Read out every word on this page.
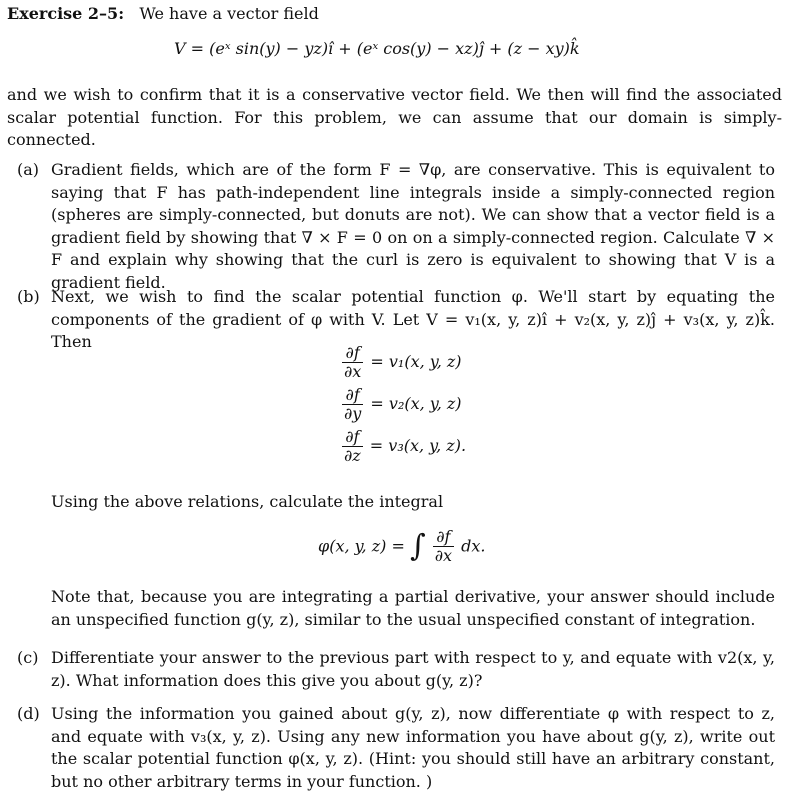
Exercise 2–5: We have a vector field

V = (eˣ sin(y) − yz)î + (eˣ cos(y) − xz)ĵ + (z − xy)k̂

and we wish to confirm that it is a conservative vector field. We then will find the associated scalar potential function. For this problem, we can assume that our domain is simply-connected.

(a) Gradient fields, which are of the form F = ∇φ, are conservative. This is equivalent to saying that F has path-independent line integrals inside a simply-connected region (spheres are simply-connected, but donuts are not). We can show that a vector field is a gradient field by showing that ∇ × F = 0 on on a simply-connected region. Calculate ∇ × F and explain why showing that the curl is zero is equivalent to showing that V is a gradient field.
(b) Next, we wish to find the scalar potential function φ. We'll start by equating the components of the gradient of φ with V. Let V = v₁(x, y, z)î + v₂(x, y, z)ĵ + v₃(x, y, z)k̂. Then
$\frac{\partial f}{\partial x} = v_1(x$, y, z)
$\frac{\partial f}{\partial y} = v_2(x$, y, z)
$\frac{\partial f}{\partial z} = v_3(x$, y, z).

Using the above relations, calculate the integral

φ(x, y, z) = ∫ $\frac{\partial f}{\partial x}$ dx.

Note that, because you are integrating a partial derivative, your answer should include an unspecified function g(y, z), similar to the usual unspecified constant of integration.

(c) Differentiate your answer to the previous part with respect to y, and equate with v2(x, y, z). What information does this give you about g(y, z)?
(d) Using the information you gained about g(y, z), now differentiate φ with respect to z, and equate with v₃(x, y, z). Using any new information you have about g(y, z), write out the scalar potential function φ(x, y, z). (Hint: you should still have an arbitrary constant, but no other arbitrary terms in your function. )
